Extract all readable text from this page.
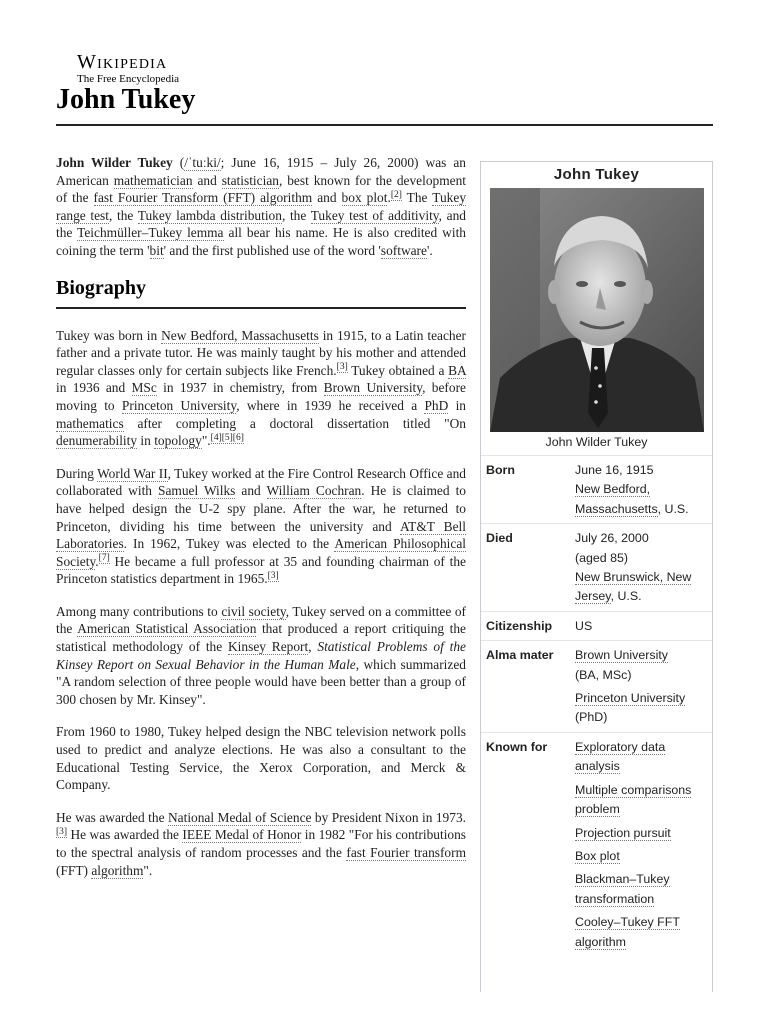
Wikipedia
The Free Encyclopedia
John Tukey

John Wilder Tukey (/ˈtuːki/; June 16, 1915 – July 26, 2000) was an American mathematician and statistician, best known for the development of the fast Fourier Transform (FFT) algorithm and box plot.[2] The Tukey range test, the Tukey lambda distribution, the Tukey test of additivity, and the Teichmüller–Tukey lemma all bear his name. He is also credited with coining the term 'bit' and the first published use of the word 'software'.

Biography

Tukey was born in New Bedford, Massachusetts in 1915, to a Latin teacher father and a private tutor. He was mainly taught by his mother and attended regular classes only for certain subjects like French.[3] Tukey obtained a BA in 1936 and MSc in 1937 in chemistry, from Brown University, before moving to Princeton University, where in 1939 he received a PhD in mathematics after completing a doctoral dissertation titled "On denumerability in topology".[4][5][6]

During World War II, Tukey worked at the Fire Control Research Office and collaborated with Samuel Wilks and William Cochran. He is claimed to have helped design the U-2 spy plane. After the war, he returned to Princeton, dividing his time between the university and AT&T Bell Laboratories. In 1962, Tukey was elected to the American Philosophical Society.[7] He became a full professor at 35 and founding chairman of the Princeton statistics department in 1965.[3]

Among many contributions to civil society, Tukey served on a committee of the American Statistical Association that produced a report critiquing the statistical methodology of the Kinsey Report, Statistical Problems of the Kinsey Report on Sexual Behavior in the Human Male, which summarized "A random selection of three people would have been better than a group of 300 chosen by Mr. Kinsey".

From 1960 to 1980, Tukey helped design the NBC television network polls used to predict and analyze elections. He was also a consultant to the Educational Testing Service, the Xerox Corporation, and Merck & Company.

He was awarded the National Medal of Science by President Nixon in 1973.[3] He was awarded the IEEE Medal of Honor in 1982 "For his contributions to the spectral analysis of random processes and the fast Fourier transform (FFT) algorithm".

John Tukey
John Wilder Tukey
Born	June 16, 1915
New Bedford, Massachusetts, U.S.
Died	July 26, 2000
(aged 85)
New Brunswick, New Jersey, U.S.
Citizenship	US
Alma mater	Brown University
(BA, MSc)
Princeton University
(PhD)
Known for	Exploratory data analysis
Multiple comparisons problem
Projection pursuit
Box plot
Blackman–Tukey transformation
Cooley–Tukey FFT algorithm
